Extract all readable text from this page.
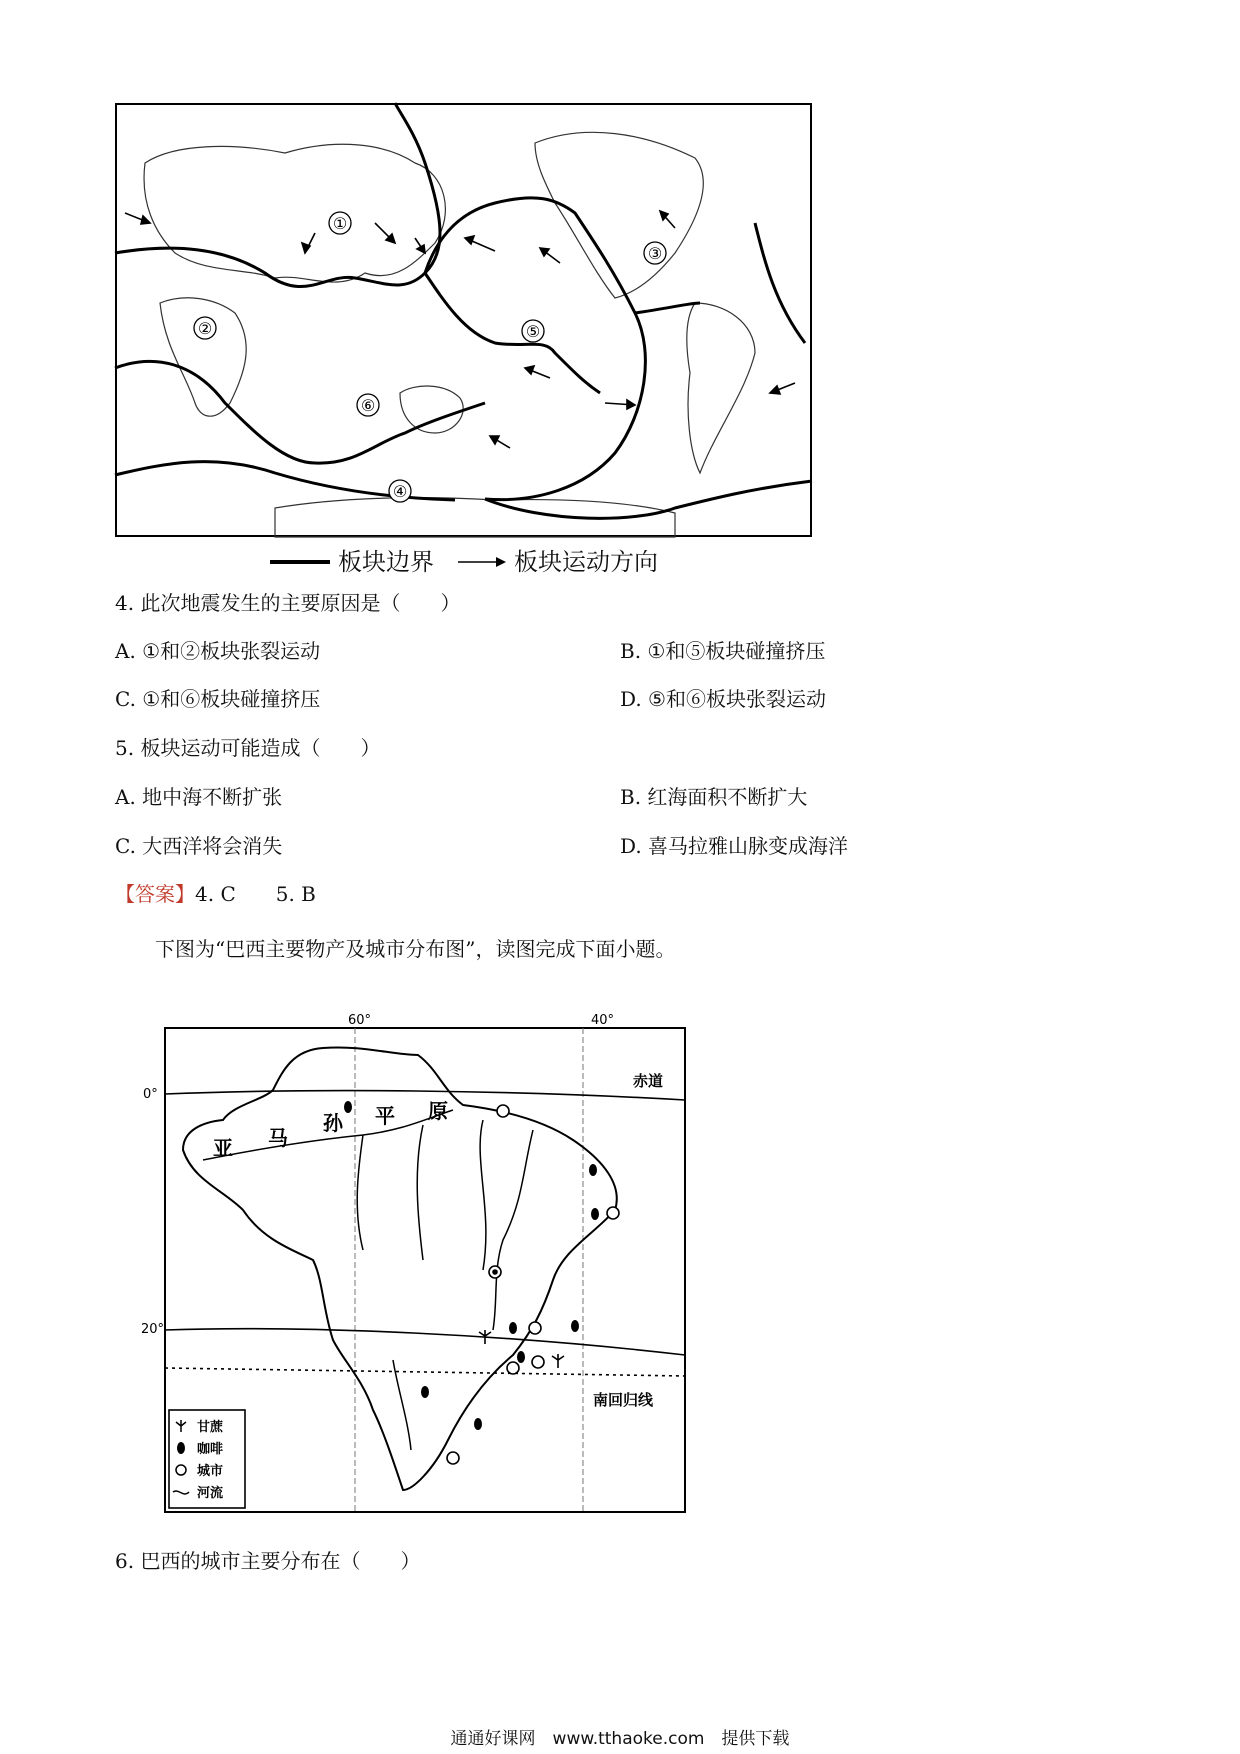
①
②
③
④
⑤
⑥
板块边界	板块运动方向
4. 此次地震发生的主要原因是（　　）
A. ①和②板块张裂运动	B. ①和⑤板块碰撞挤压
C. ①和⑥板块碰撞挤压	D. ⑤和⑥板块张裂运动
5. 板块运动可能造成（　　）
A. 地中海不断扩张	B. 红海面积不断扩大
C. 大西洋将会消失	D. 喜马拉雅山脉变成海洋
【答案】4. C　　5. B
下图为“巴西主要物产及城市分布图”，读图完成下面小题。
60°	40°
0°
20°
赤道
南回归线
亚 马
孙 平 原
甘蔗
咖啡
城市
河流
6. 巴西的城市主要分布在（　　）
通通好课网　www.tthaoke.com　提供下载
